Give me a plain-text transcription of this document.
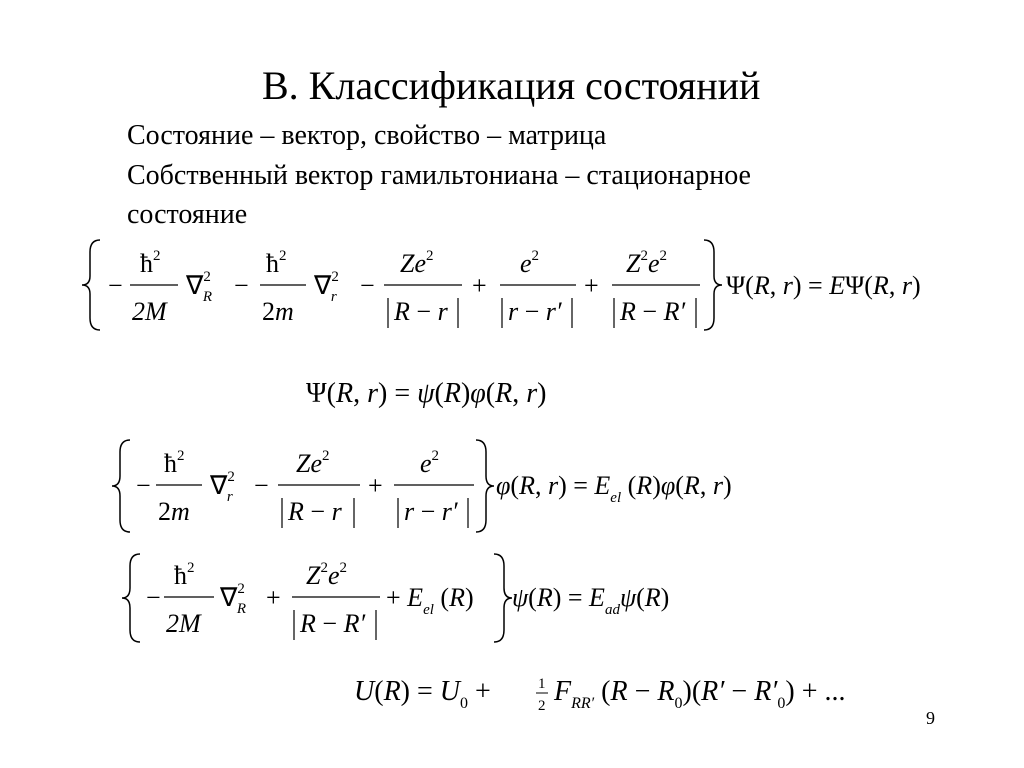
B. Классификация состояний
Состояние – вектор, свойство – матрица
Собственный вектор гамильтониана – стационарное
состояние
−
$ħ^2$
2M
∇$^2$ R −
$ħ^2$
2m
∇$^2$ r −
$Ze^2$
R − r
+
$e^2$
r − r′
+
$Z^2e^2$
R − R′
Ψ(R, r) = EΨ(R, r)
Ψ(R, r) = ψ(R)φ(R, r)
−
$ħ^2$
2m
∇$^2$ r −
$Ze^2$
R − r
+
$e^2$
r − r′
φ(R, $r) = E_{el}$ (R)φ(R, r)
−
$ħ^2$
2M
∇$^2$ R +
$Z^2e^2$
R − R′
+ $E_{el}$ (R) $\psi(R) = E_{ad}\psi(R)$
$U(R) = U_0$ +	1
2 $F_{RR'}$ $(R - R_0)(R' - R'_0)$ + ...
9
